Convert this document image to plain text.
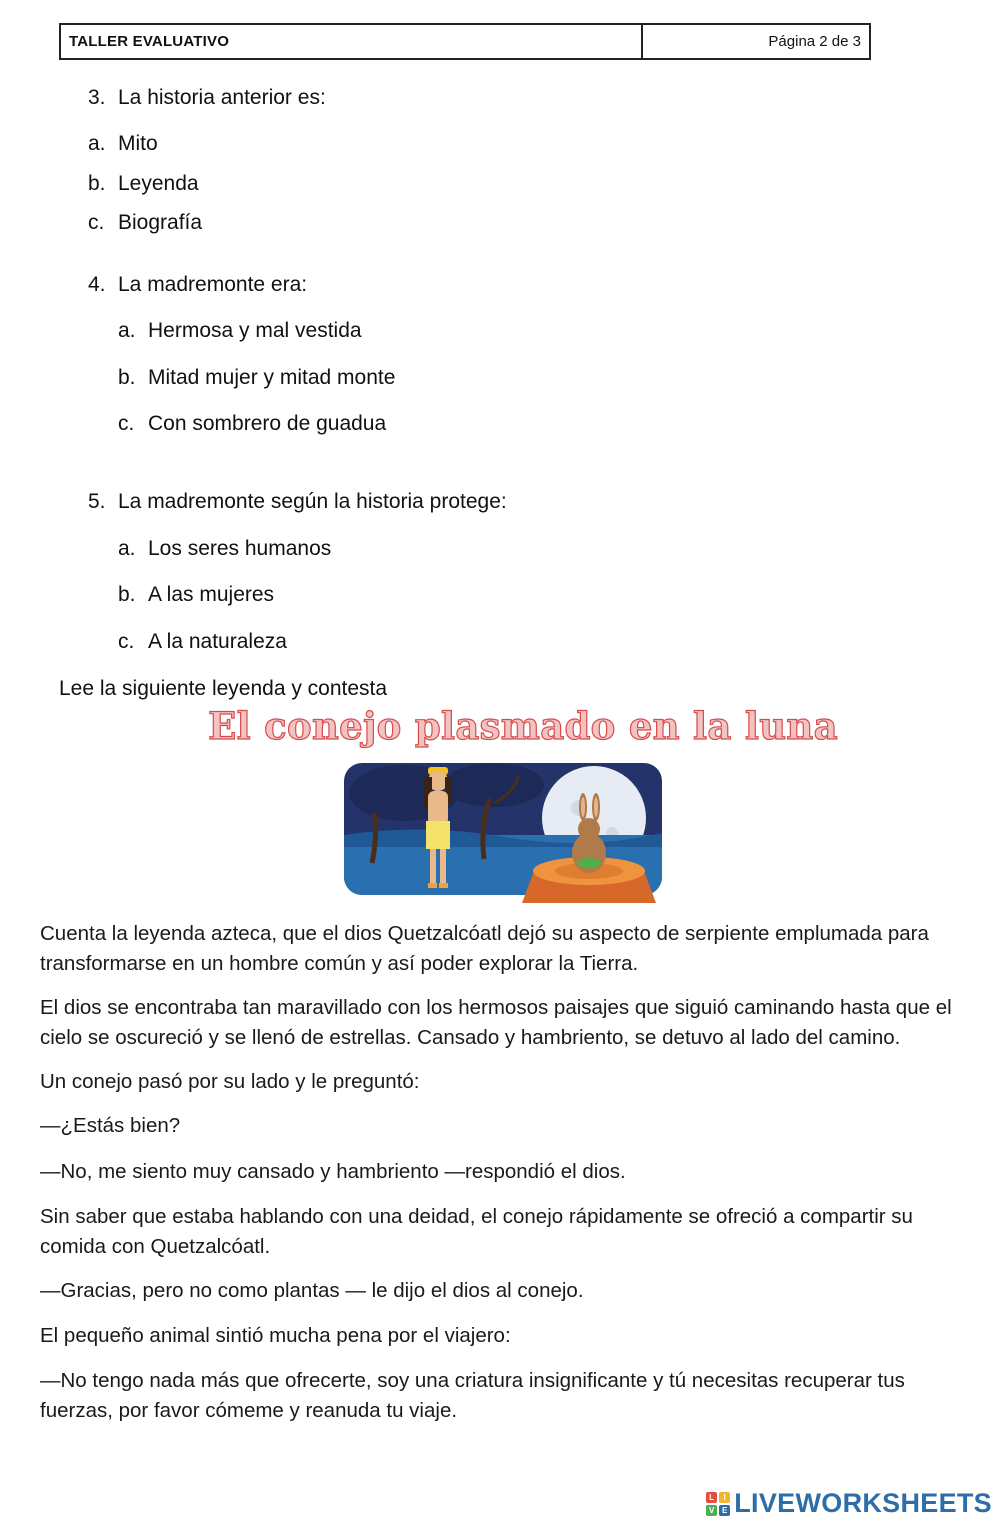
TALLER EVALUATIVO	Página 2 de 3
3. La historia anterior es:
a. Mito
b. Leyenda
c. Biografía
4. La madremonte era:
a. Hermosa y mal vestida
b. Mitad mujer y mitad monte
c. Con sombrero de guadua
5. La madremonte según la historia protege:
a. Los seres humanos
b. A las mujeres
c. A la naturaleza
Lee la siguiente leyenda y contesta
El conejo plasmado en la luna
Cuenta la leyenda azteca, que el dios Quetzalcóatl dejó su aspecto de serpiente emplumada para transformarse en un hombre común y así poder explorar la Tierra.
El dios se encontraba tan maravillado con los hermosos paisajes que siguió caminando hasta que el cielo se oscureció y se llenó de estrellas. Cansado y hambriento, se detuvo al lado del camino.
Un conejo pasó por su lado y le preguntó:
—¿Estás bien?
—No, me siento muy cansado y hambriento —respondió el dios.
Sin saber que estaba hablando con una deidad, el conejo rápidamente se ofreció a compartir su comida con Quetzalcóatl.
—Gracias, pero no como plantas — le dijo el dios al conejo.
El pequeño animal sintió mucha pena por el viajero:
—No tengo nada más que ofrecerte, soy una criatura insignificante y tú necesitas recuperar tus fuerzas, por favor cómeme y reanuda tu viaje.
L	I
V E LIVEWORKSHEETS
